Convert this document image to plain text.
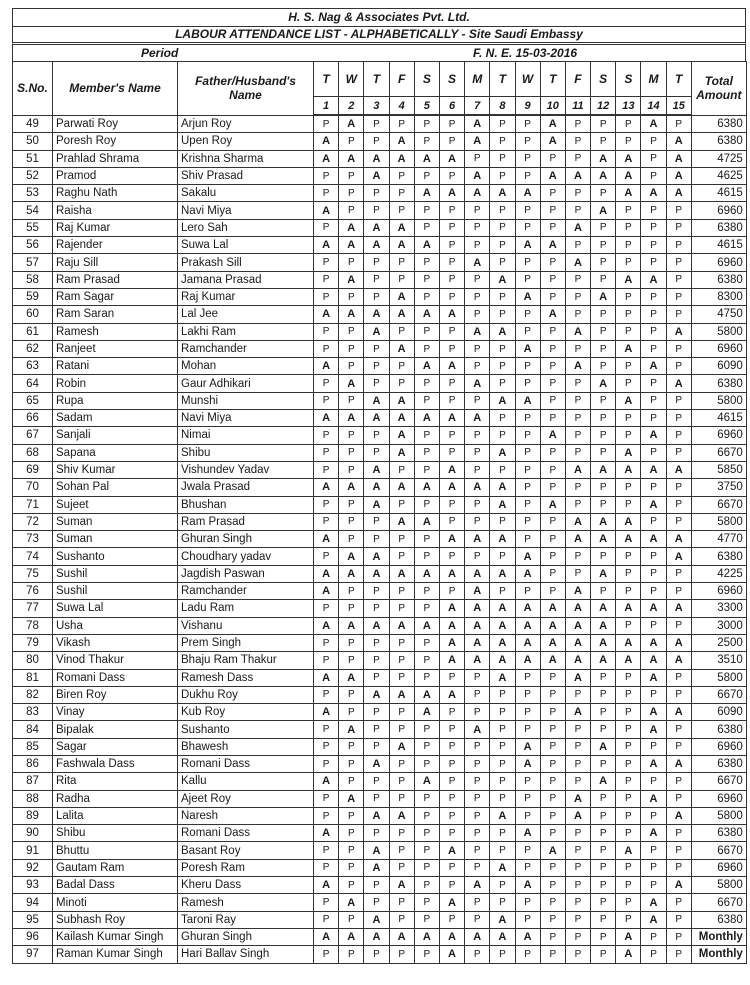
H. S. Nag & Associates Pvt. Ltd.
LABOUR ATTENDANCE LIST - ALPHABETICALLY - Site Saudi Embassy
Period	F. N. E. 15-03-2016
S.No.	Member's Name	Father/Husband's Name	T	W	T	F	S	S	M	T	W	T	F	S	S	M	T	Total Amount
			1	2	3	4	5	6	7	8	9	10	11	12	13	14	15	
49	Parwati Roy	Arjun Roy	P	A	P	P	P	P	A	P	P	A	P	P	P	A	P	6380
50	Poresh Roy	Upen Roy	A	P	P	A	P	P	A	P	P	A	P	P	P	P	A	6380
51	Prahlad Shrama	Krishna Sharma	A	A	A	A	A	A	P	P	P	P	P	A	A	P	A	4725
52	Pramod	Shiv Prasad	P	P	A	P	P	P	A	P	P	A	A	A	A	P	A	4625
53	Raghu Nath	Sakalu	P	P	P	P	A	A	A	A	A	P	P	P	A	A	A	4615
54	Raisha	Navi Miya	A	P	P	P	P	P	P	P	P	P	P	A	P	P	P	6960
55	Raj Kumar	Lero Sah	P	A	A	A	P	P	P	P	P	P	A	P	P	P	P	6380
56	Rajender	Suwa Lal	A	A	A	A	A	P	P	P	A	A	P	P	P	P	P	4615
57	Raju Sill	Prakash Sill	P	P	P	P	P	P	A	P	P	P	A	P	P	P	P	6960
58	Ram Prasad	Jamana Prasad	P	A	P	P	P	P	P	A	P	P	P	P	A	A	P	6380
59	Ram Sagar	Raj Kumar	P	P	P	A	P	P	P	P	A	P	P	A	P	P	P	8300
60	Ram Saran	Lal Jee	A	A	A	A	A	A	P	P	P	A	P	P	P	P	P	4750
61	Ramesh	Lakhi Ram	P	P	A	P	P	P	A	A	P	P	A	P	P	P	A	5800
62	Ranjeet	Ramchander	P	P	P	A	P	P	P	P	A	P	P	P	A	P	P	6960
63	Ratani	Mohan	A	P	P	P	A	A	P	P	P	P	A	P	P	A	P	6090
64	Robin	Gaur Adhikari	P	A	P	P	P	P	A	P	P	P	P	A	P	P	A	6380
65	Rupa	Munshi	P	P	A	A	P	P	P	A	A	P	P	P	A	P	P	5800
66	Sadam	Navi Miya	A	A	A	A	A	A	A	P	P	P	P	P	P	P	P	4615
67	Sanjali	Nimai	P	P	P	A	P	P	P	P	P	A	P	P	P	A	P	6960
68	Sapana	Shibu	P	P	P	A	P	P	P	A	P	P	P	P	A	P	P	6670
69	Shiv Kumar	Vishundev Yadav	P	P	A	P	P	A	P	P	P	P	A	A	A	A	A	5850
70	Sohan Pal	Jwala Prasad	A	A	A	A	A	A	A	A	P	P	P	P	P	P	P	3750
71	Sujeet	Bhushan	P	P	A	P	P	P	P	A	P	A	P	P	P	A	P	6670
72	Suman	Ram Prasad	P	P	P	A	A	P	P	P	P	P	A	A	A	P	P	5800
73	Suman	Ghuran Singh	A	P	P	P	P	A	A	A	P	P	A	A	A	A	A	4770
74	Sushanto	Choudhary yadav	P	A	A	P	P	P	P	P	A	P	P	P	P	P	A	6380
75	Sushil	Jagdish Paswan	A	A	A	A	A	A	A	A	A	P	P	A	P	P	P	4225
76	Sushil	Ramchander	A	P	P	P	P	P	A	P	P	P	A	P	P	P	P	6960
77	Suwa Lal	Ladu Ram	P	P	P	P	P	A	A	A	A	A	A	A	A	A	A	3300
78	Usha	Vishanu	A	A	A	A	A	A	A	A	A	A	A	A	P	P	P	3000
79	Vikash	Prem Singh	P	P	P	P	P	A	A	A	A	A	A	A	A	A	A	2500
80	Vinod Thakur	Bhaju Ram Thakur	P	P	P	P	P	A	A	A	A	A	A	A	A	A	A	3510
81	Romani Dass	Ramesh Dass	A	A	P	P	P	P	P	A	P	P	A	P	P	A	P	5800
82	Biren Roy	Dukhu Roy	P	P	A	A	A	A	P	P	P	P	P	P	P	P	P	6670
83	Vinay	Kub Roy	A	P	P	P	A	P	P	P	P	P	A	P	P	A	A	6090
84	Bipalak	Sushanto	P	A	P	P	P	P	A	P	P	P	P	P	P	A	P	6380
85	Sagar	Bhawesh	P	P	P	A	P	P	P	P	A	P	P	A	P	P	P	6960
86	Fashwala Dass	Romani Dass	P	P	A	P	P	P	P	P	A	P	P	P	P	A	A	6380
87	Rita	Kallu	A	P	P	P	A	P	P	P	P	P	P	A	P	P	P	6670
88	Radha	Ajeet Roy	P	A	P	P	P	P	P	P	P	P	A	P	P	A	P	6960
89	Lalita	Naresh	P	P	A	A	P	P	P	A	P	P	A	P	P	P	A	5800
90	Shibu	Romani Dass	A	P	P	P	P	P	P	P	A	P	P	P	P	A	P	6380
91	Bhuttu	Basant Roy	P	P	A	P	P	A	P	P	P	A	P	P	A	P	P	6670
92	Gautam Ram	Poresh Ram	P	P	A	P	P	P	P	A	P	P	P	P	P	P	P	6960
93	Badal Dass	Kheru Dass	A	P	P	A	P	P	A	P	A	P	P	P	P	P	A	5800
94	Minoti	Ramesh	P	A	P	P	P	A	P	P	P	P	P	P	P	A	P	6670
95	Subhash Roy	Taroni Ray	P	P	A	P	P	P	P	A	P	P	P	P	P	A	P	6380
96	Kailash Kumar Singh	Ghuran Singh	A	A	A	A	A	A	A	A	A	P	P	P	A	P	P	Monthly
97	Raman Kumar Singh	Hari Ballav Singh	P	P	P	P	P	A	P	P	P	P	P	P	A	P	P	Monthly
